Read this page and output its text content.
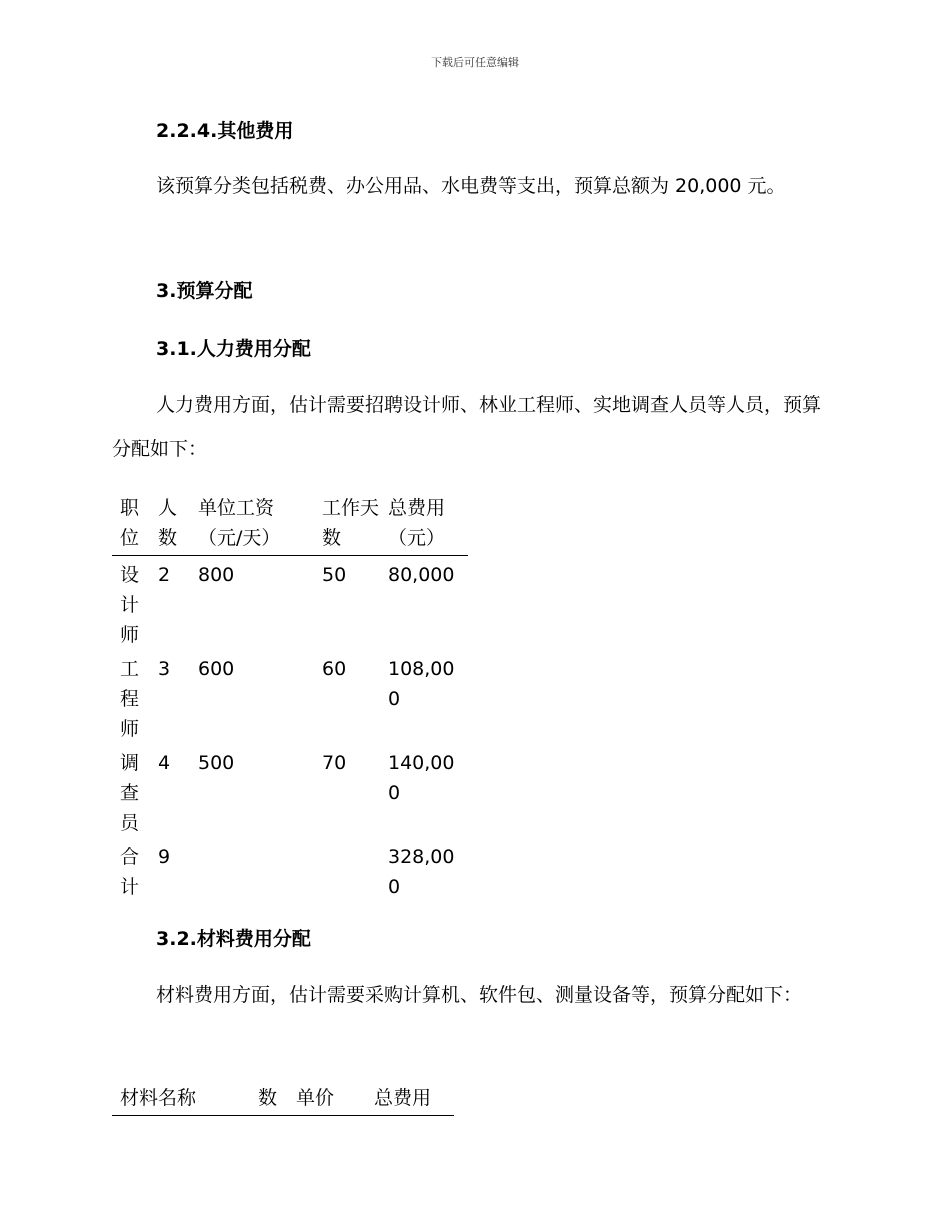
下载后可任意编辑
2.2.4.其他费用
该预算分类包括税费、办公用品、水电费等支出，预算总额为 20,000 元。
3.预算分配
3.1.人力费用分配
人力费用方面，估计需要招聘设计师、林业工程师、实地调查人员等人员，预算分配如下：
职位	人数	单位工资（元/天）	工作天数	总费用（元）
设计师	2	800	50	80,000
工程师	3	600	60	108,000
调查员	4	500	70	140,000
合计	9			328,000
3.2.材料费用分配
材料费用方面，估计需要采购计算机、软件包、测量设备等，预算分配如下：
材料名称	数	单价	总费用
